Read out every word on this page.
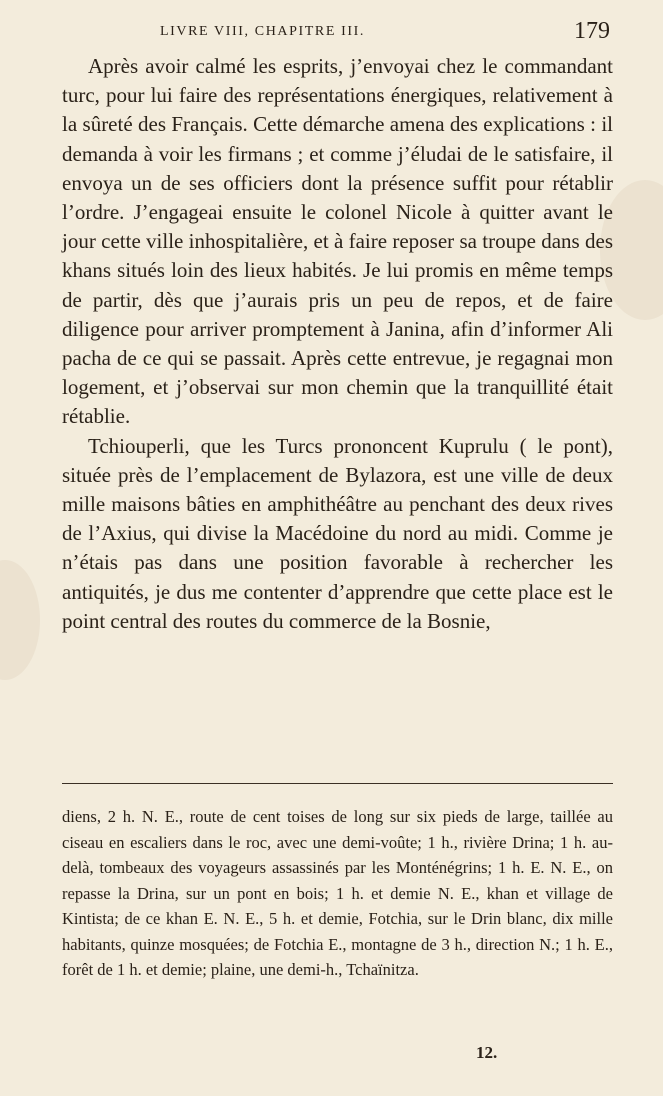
LIVRE VIII, CHAPITRE III.	179

Après avoir calmé les esprits, j’envoyai chez le commandant turc, pour lui faire des représentations énergiques, relativement à la sûreté des Français. Cette démarche amena des explications : il demanda à voir les firmans ; et comme j’éludai de le satisfaire, il envoya un de ses officiers dont la présence suffit pour rétablir l’ordre. J’engageai ensuite le colonel Nicole à quitter avant le jour cette ville inhospitalière, et à faire reposer sa troupe dans des khans situés loin des lieux habités. Je lui promis en même temps de partir, dès que j’aurais pris un peu de repos, et de faire diligence pour arriver promptement à Janina, afin d’informer Ali pacha de ce qui se passait. Après cette entrevue, je regagnai mon logement, et j’observai sur mon chemin que la tranquillité était rétablie.

Tchiouperli, que les Turcs prononcent Kuprulu ( le pont), située près de l’emplacement de Bylazora, est une ville de deux mille maisons bâties en amphithéâtre au penchant des deux rives de l’Axius, qui divise la Macédoine du nord au midi. Comme je n’étais pas dans une position favorable à rechercher les antiquités, je dus me contenter d’apprendre que cette place est le point central des routes du commerce de la Bosnie,

diens, 2 h. N. E., route de cent toises de long sur six pieds de large, taillée au ciseau en escaliers dans le roc, avec une demi-voûte; 1 h., rivière Drina; 1 h. au-delà, tombeaux des voyageurs assassinés par les Monténégrins; 1 h. E. N. E., on repasse la Drina, sur un pont en bois; 1 h. et demie N. E., khan et village de Kintista; de ce khan E. N. E., 5 h. et demie, Fotchia, sur le Drin blanc, dix mille habitants, quinze mosquées; de Fotchia E., montagne de 3 h., direction N.; 1 h. E., forêt de 1 h. et demie; plaine, une demi-h., Tchaïnitza.

12.
